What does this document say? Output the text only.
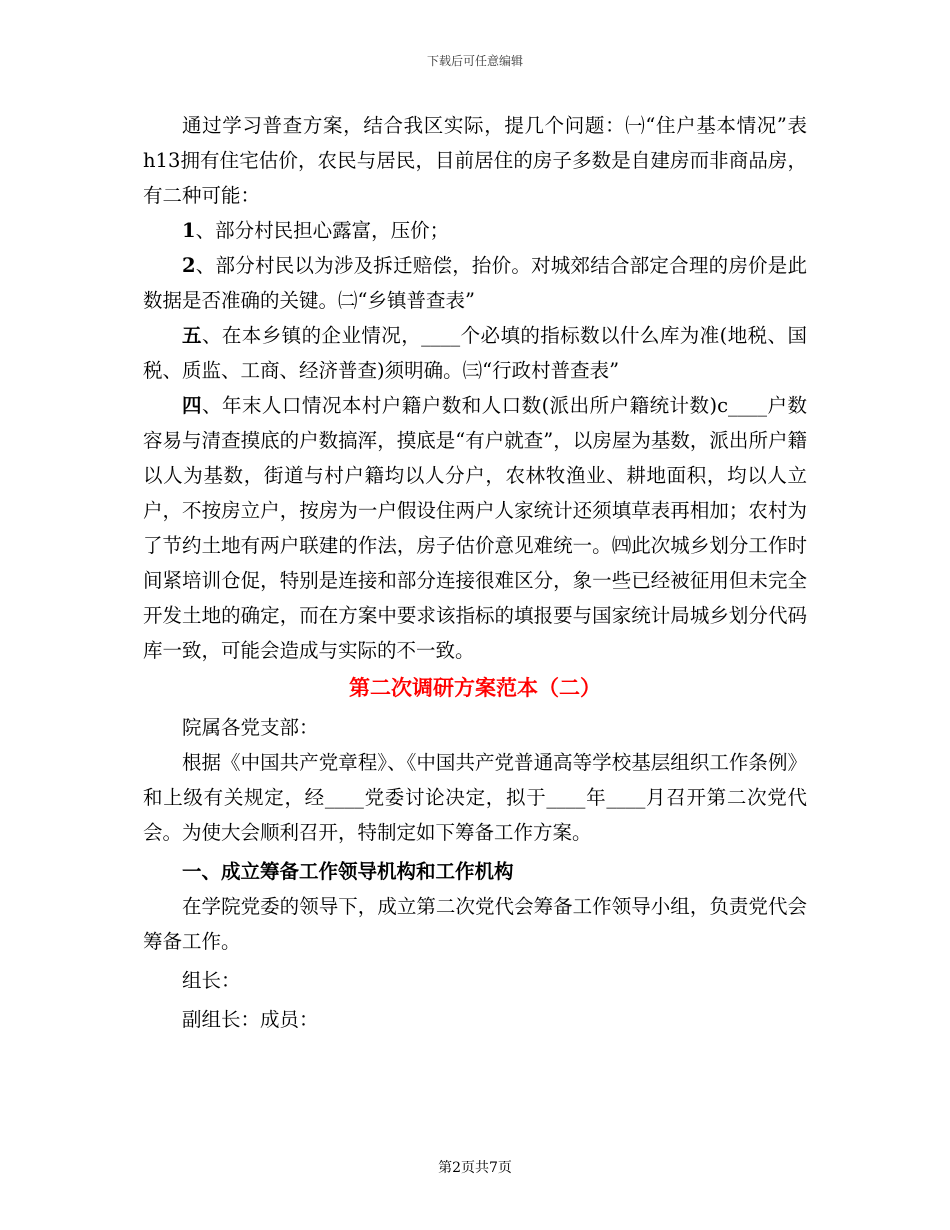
下载后可任意编辑

通过学习普查方案，结合我区实际，提几个问题：㈠“住户基本情况”表h13拥有住宅估价，农民与居民，目前居住的房子多数是自建房而非商品房，有二种可能：

1、部分村民担心露富，压价；

2、部分村民以为涉及拆迁赔偿，抬价。对城郊结合部定合理的房价是此数据是否准确的关键。㈡“乡镇普查表”

五、在本乡镇的企业情况，____个必填的指标数以什么库为准(地税、国税、质监、工商、经济普查)须明确。㈢“行政村普查表”

四、年末人口情况本村户籍户数和人口数(派出所户籍统计数)c____户数容易与清查摸底的户数搞浑，摸底是“有户就查”，以房屋为基数，派出所户籍以人为基数，街道与村户籍均以人分户，农林牧渔业、耕地面积，均以人立户，不按房立户，按房为一户假设住两户人家统计还须填草表再相加；农村为了节约土地有两户联建的作法，房子估价意见难统一。㈣此次城乡划分工作时间紧培训仓促，特别是连接和部分连接很难区分，象一些已经被征用但未完全开发土地的确定，而在方案中要求该指标的填报要与国家统计局城乡划分代码库一致，可能会造成与实际的不一致。

第二次调研方案范本（二）

院属各党支部：

根据《中国共产党章程》、《中国共产党普通高等学校基层组织工作条例》和上级有关规定，经____党委讨论决定，拟于____年____月召开第二次党代会。为使大会顺利召开，特制定如下筹备工作方案。

一、成立筹备工作领导机构和工作机构

在学院党委的领导下，成立第二次党代会筹备工作领导小组，负责党代会筹备工作。

组长：

副组长：成员：

第2页共7页
